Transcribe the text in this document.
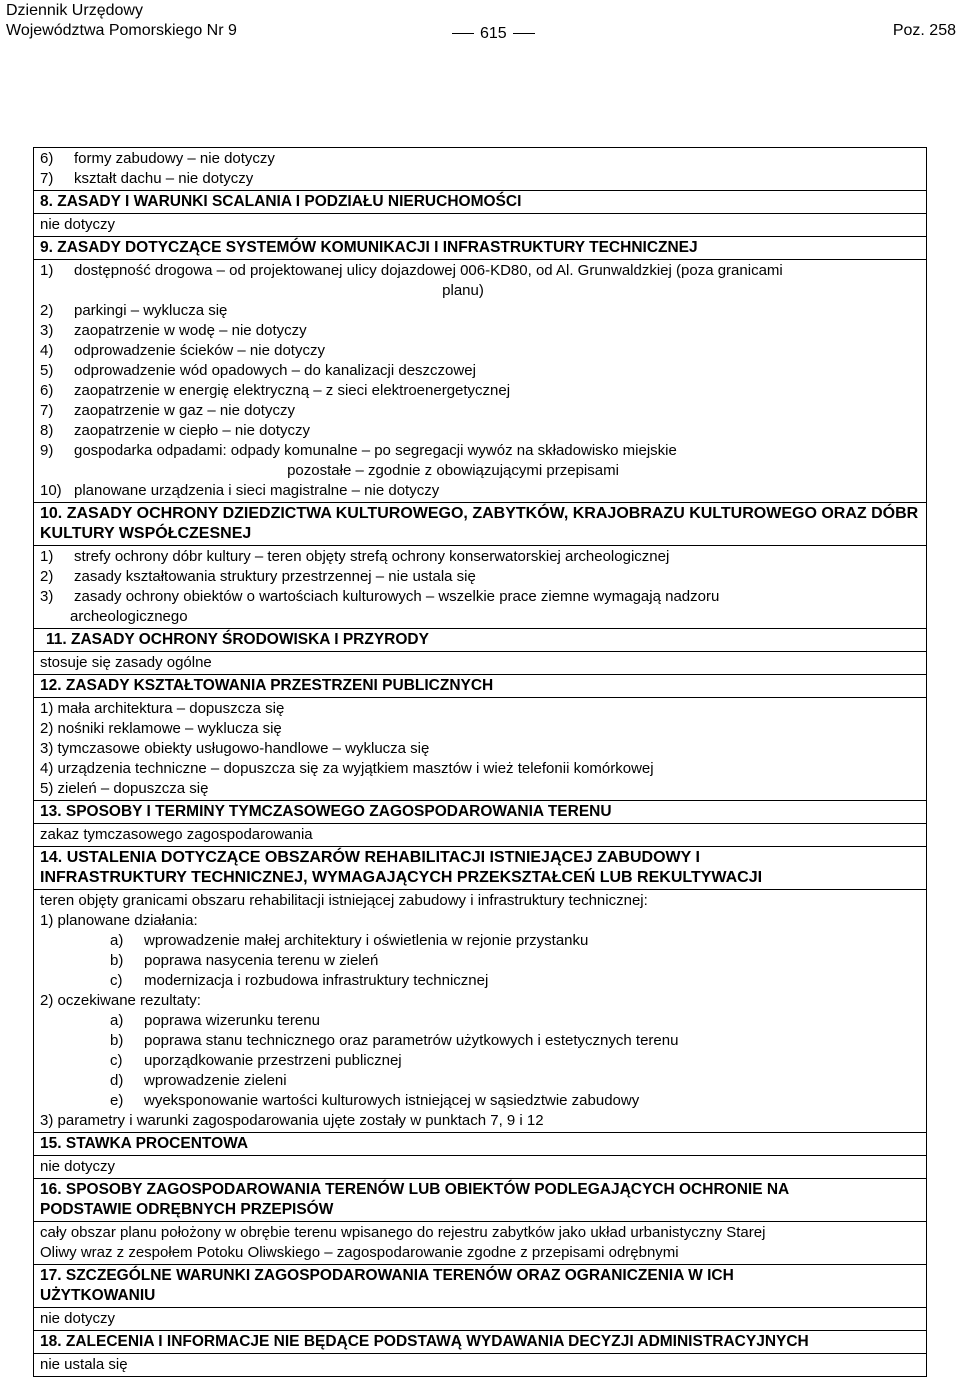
Dziennik Urzędowy
Województwa Pomorskiego Nr 9	615	Poz. 258
6) formy zabudowy – nie dotyczy
7) kształt dachu – nie dotyczy
8. ZASADY I WARUNKI SCALANIA I PODZIAŁU NIERUCHOMOŚCI
nie dotyczy
9. ZASADY DOTYCZĄCE SYSTEMÓW KOMUNIKACJI I INFRASTRUKTURY TECHNICZNEJ
1) dostępność drogowa – od projektowanej ulicy dojazdowej 006-KD80, od Al. Grunwaldzkiej (poza granicami
planu)
2) parkingi – wyklucza się
3) zaopatrzenie w wodę – nie dotyczy
4) odprowadzenie ścieków – nie dotyczy
5) odprowadzenie wód opadowych – do kanalizacji deszczowej
6) zaopatrzenie w energię elektryczną – z sieci elektroenergetycznej
7) zaopatrzenie w gaz – nie dotyczy
8) zaopatrzenie w ciepło – nie dotyczy
9) gospodarka odpadami: odpady komunalne – po segregacji wywóz na składowisko miejskie
pozostałe – zgodnie z obowiązującymi przepisami
10) planowane urządzenia i sieci magistralne – nie dotyczy
10. ZASADY OCHRONY DZIEDZICTWA KULTUROWEGO, ZABYTKÓW, KRAJOBRAZU KULTUROWEGO ORAZ DÓBR KULTURY WSPÓŁCZESNEJ
1) strefy ochrony dóbr kultury – teren objęty strefą ochrony konserwatorskiej archeologicznej
2) zasady kształtowania struktury przestrzennej – nie ustala się
3) zasady ochrony obiektów o wartościach kulturowych – wszelkie prace ziemne wymagają nadzoru
archeologicznego
11. ZASADY OCHRONY ŚRODOWISKA I PRZYRODY
stosuje się zasady ogólne
12. ZASADY KSZTAŁTOWANIA PRZESTRZENI PUBLICZNYCH
1) mała architektura – dopuszcza się
2) nośniki reklamowe – wyklucza się
3) tymczasowe obiekty usługowo-handlowe – wyklucza się
4) urządzenia techniczne – dopuszcza się za wyjątkiem masztów i wież telefonii komórkowej
5) zieleń – dopuszcza się
13. SPOSOBY I TERMINY TYMCZASOWEGO ZAGOSPODAROWANIA TERENU
zakaz tymczasowego zagospodarowania
14. USTALENIA DOTYCZĄCE OBSZARÓW REHABILITACJI ISTNIEJĄCEJ ZABUDOWY I
INFRASTRUKTURY TECHNICZNEJ, WYMAGAJĄCYCH PRZEKSZTAŁCEŃ LUB REKULTYWACJI
teren objęty granicami obszaru rehabilitacji istniejącej zabudowy i infrastruktury technicznej:
1) planowane działania:
a) wprowadzenie małej architektury i oświetlenia w rejonie przystanku
b) poprawa nasycenia terenu w zieleń
c) modernizacja i rozbudowa infrastruktury technicznej
2) oczekiwane rezultaty:
a) poprawa wizerunku terenu
b) poprawa stanu technicznego oraz parametrów użytkowych i estetycznych terenu
c) uporządkowanie przestrzeni publicznej
d) wprowadzenie zieleni
e) wyeksponowanie wartości kulturowych istniejącej w sąsiedztwie zabudowy
3) parametry i warunki zagospodarowania ujęte zostały w punktach 7, 9 i 12
15. STAWKA PROCENTOWA
nie dotyczy
16. SPOSOBY ZAGOSPODAROWANIA TERENÓW LUB OBIEKTÓW PODLEGAJĄCYCH OCHRONIE NA
PODSTAWIE ODRĘBNYCH PRZEPISÓW
cały obszar planu położony w obrębie terenu wpisanego do rejestru zabytków jako układ urbanistyczny Starej
Oliwy wraz z zespołem Potoku Oliwskiego – zagospodarowanie zgodne z przepisami odrębnymi
17. SZCZEGÓLNE WARUNKI ZAGOSPODAROWANIA TERENÓW ORAZ OGRANICZENIA W ICH
UŻYTKOWANIU
nie dotyczy
18. ZALECENIA I INFORMACJE NIE BĘDĄCE PODSTAWĄ WYDAWANIA DECYZJI ADMINISTRACYJNYCH
nie ustala się
